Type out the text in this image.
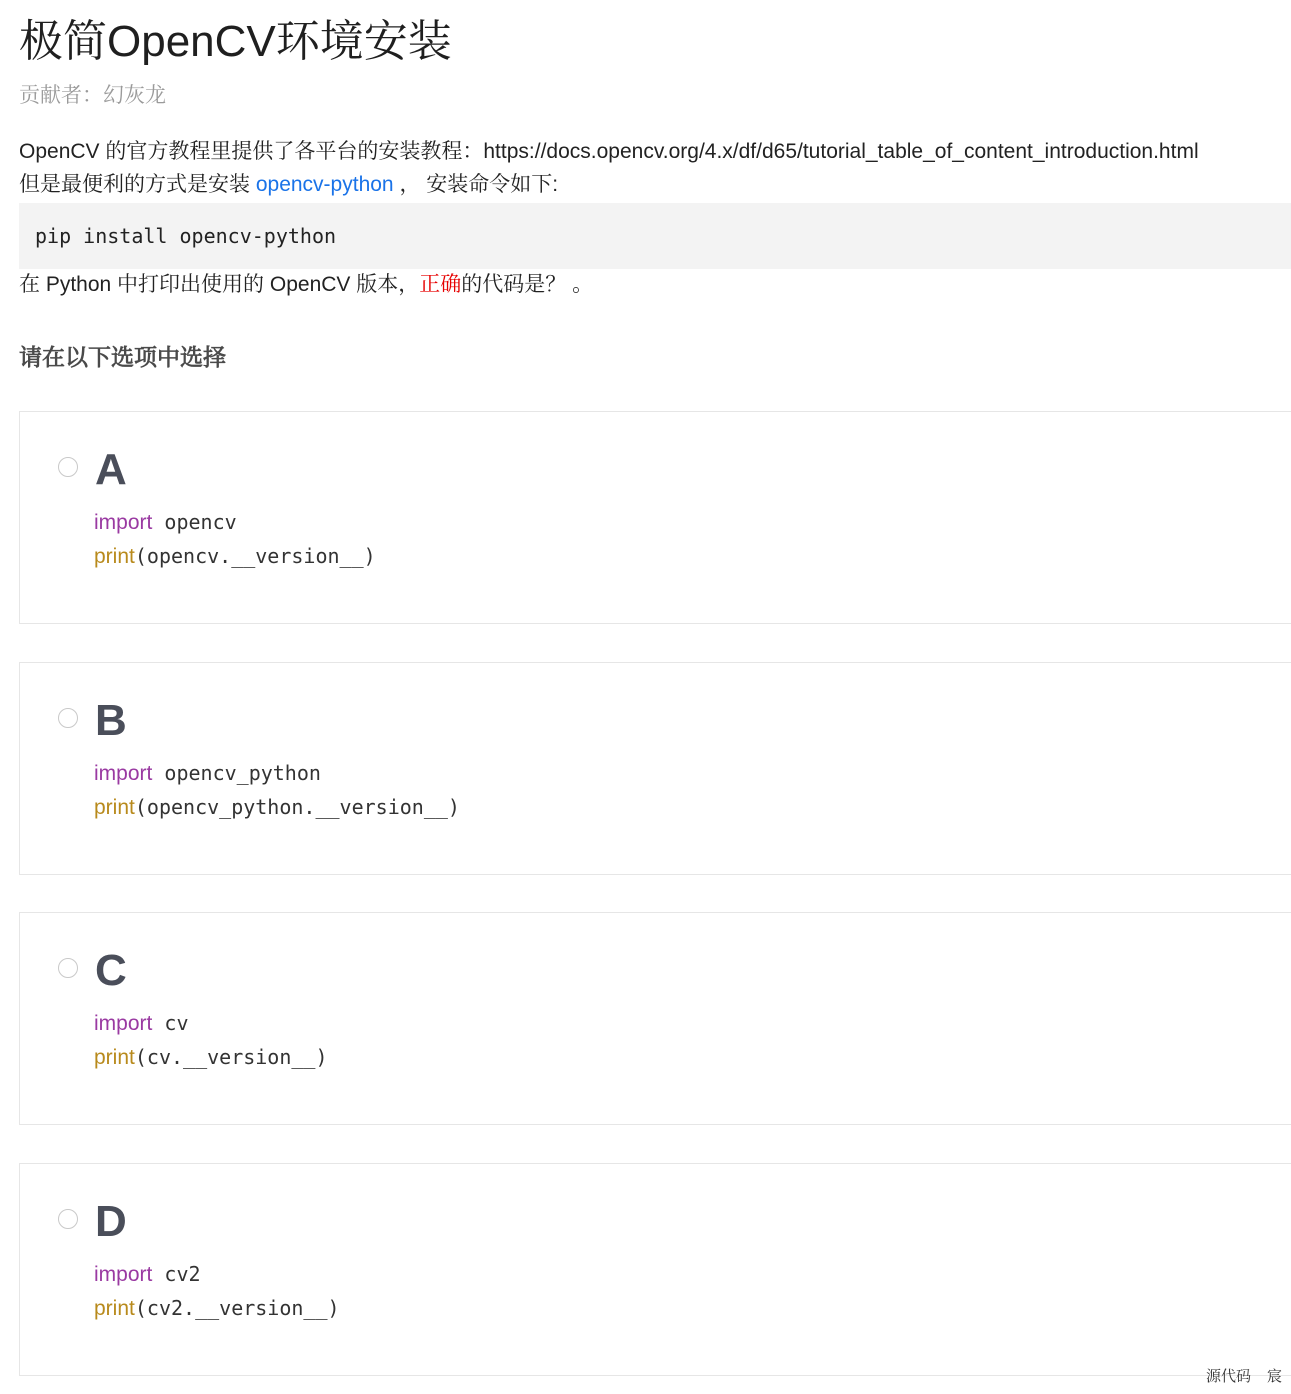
极简OpenCV环境安装
贡献者：幻灰龙
OpenCV 的官方教程里提供了各平台的安装教程：https://docs.opencv.org/4.x/df/d65/tutorial_table_of_content_introduction.html
但是最便利的方式是安装 opencv-python ， 安装命令如下:
pip install opencv-python
在 Python 中打印出使用的 OpenCV 版本，正确的代码是？ 。
请在以下选项中选择
A
import opencv
print(opencv.__version__)
B
import opencv_python
print(opencv_python.__version__)
C
import cv
print(cv.__version__)
D
import cv2
print(cv2.__version__)
源代码 宸
